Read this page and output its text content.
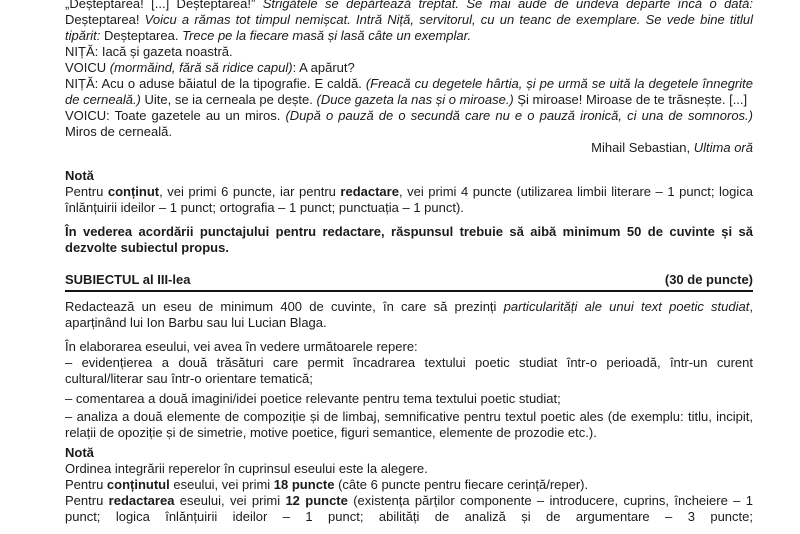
„Deșteptarea! [...] Deșteptarea!” Strigătele se depărtează treptat. Se mai aude de undeva departe încă o dată: Deșteptarea! Voicu a rămas tot timpul nemișcat. Intră Niță, servitorul, cu un teanc de exemplare. Se vede bine titlul tipărit: Deșteptarea. Trece pe la fiecare masă și lasă câte un exemplar.

NIȚĂ: Iacă și gazeta noastră.

VOICU (mormăind, fără să ridice capul): A apărut?

NIȚĂ: Acu o aduse băiatul de la tipografie. E caldă. (Freacă cu degetele hârtia, și pe urmă se uită la degetele înnegrite de cerneală.) Uite, se ia cerneala pe dește. (Duce gazeta la nas și o miroase.) Și miroase! Miroase de te trăsnește. [...]

VOICU: Toate gazetele au un miros. (După o pauză de o secundă care nu e o pauză ironică, ci una de somnoros.) Miros de cerneală.

Mihail Sebastian, Ultima oră

Notă

Pentru conținut, vei primi 6 puncte, iar pentru redactare, vei primi 4 puncte (utilizarea limbii literare – 1 punct; logica înlănțuirii ideilor – 1 punct; ortografia – 1 punct; punctuația – 1 punct).

În vederea acordării punctajului pentru redactare, răspunsul trebuie să aibă minimum 50 de cuvinte și să dezvolte subiectul propus.

SUBIECTUL al III-lea	(30 de puncte)

Redactează un eseu de minimum 400 de cuvinte, în care să prezinți particularități ale unui text poetic studiat, aparținând lui Ion Barbu sau lui Lucian Blaga.

În elaborarea eseului, vei avea în vedere următoarele repere:

– evidențierea a două trăsături care permit încadrarea textului poetic studiat într-o perioadă, într-un curent cultural/literar sau într-o orientare tematică;

– comentarea a două imagini/idei poetice relevante pentru tema textului poetic studiat;

– analiza a două elemente de compoziție și de limbaj, semnificative pentru textul poetic ales (de exemplu: titlu, incipit, relații de opoziție și de simetrie, motive poetice, figuri semantice, elemente de prozodie etc.).

Notă

Ordinea integrării reperelor în cuprinsul eseului este la alegere.

Pentru conținutul eseului, vei primi 18 puncte (câte 6 puncte pentru fiecare cerință/reper).

Pentru redactarea eseului, vei primi 12 puncte (existența părților componente – introducere, cuprins, încheiere – 1 punct; logica înlănțuirii ideilor – 1 punct; abilități de analiză și de argumentare – 3 puncte;
